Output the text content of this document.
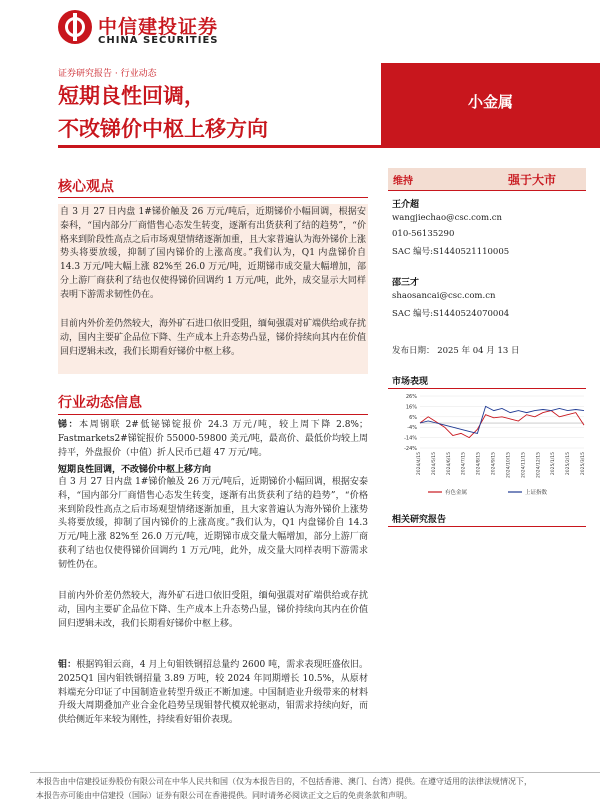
中信建投证券
CHINA SECURITIES
证券研究报告 · 行业动态
短期良性回调，
不改锑价中枢上移方向
小金属
核心观点
自 3 月 27 日内盘 1#锑价触及 26 万元/吨后，近期锑价小幅回调，根据安泰科，“国内部分厂商惜售心态发生转变，逐渐有出货获利了结的趋势”，“价格来到阶段性高点之后市场观望情绪逐渐加重，且大家普遍认为海外锑价上涨势头将要放缓，抑制了国内锑价的上涨高度。”我们认为，Q1 内盘锑价自 14.3 万元/吨大幅上涨 82%至 26.0 万元/吨，近期锑市成交量大幅增加，部分上游厂商获利了结也仅使得锑价回调约 1 万元/吨，此外，成交显示大同样表明下游需求韧性仍在。
目前内外价差仍然较大，海外矿石进口依旧受阻，缅甸强震对矿端供给或存扰动，国内主要矿企品位下降、生产成本上升态势凸显，锑价持续向其内在价值回归逻辑未改，我们长期看好锑价中枢上移。
行业动态信息
锑：本周钢联 2#低铋锑锭报价 24.3 万元/吨，较上周下降 2.8%；Fastmarkets2#锑锭报价 55000-59800 美元/吨，最高价、最低价均较上周持平，外盘报价（中值）折人民币已超 47 万元/吨。
短期良性回调，不改锑价中枢上移方向
自 3 月 27 日内盘 1#锑价触及 26 万元/吨后，近期锑价小幅回调，根据安泰科，“国内部分厂商惜售心态发生转变，逐渐有出货获利了结的趋势”，“价格来到阶段性高点之后市场观望情绪逐渐加重，且大家普遍认为海外锑价上涨势头将要放缓，抑制了国内锑价的上涨高度。”我们认为，Q1 内盘锑价自 14.3 万元/吨上涨 82%至 26.0 万元/吨，近期锑市成交量大幅增加，部分上游厂商获利了结也仅使得锑价回调约 1 万元/吨，此外，成交量大同样表明下游需求韧性仍在。
目前内外价差仍然较大，海外矿石进口依旧受阻，缅甸强震对矿端供给或存扰动，国内主要矿企品位下降、生产成本上升态势凸显，锑价持续向其内在价值回归逻辑未改，我们长期看好锑价中枢上移。
钼：根据钨钼云商，4 月上旬钼铁钢招总量约 2600 吨，需求表现旺盛依旧。2025Q1 国内钼铁钢招量 3.89 万吨，较 2024 年同期增长 10.5%，从原材料端充分印证了中国制造业转型升级正不断加速。中国制造业升级带来的材料升级大周期叠加产业合金化趋势呈现钼替代模双轮驱动，钼需求持续向好，而供给侧近年来较为刚性，持续看好钼价表现。
维持	强于大市
王介超
wangjiechao@csc.com.cn
010-56135290
SAC 编号:S1440521110005
邵三才
shaosancai@csc.com.cn
SAC 编号:S1440524070004
发布日期： 2025 年 04 月 13 日
市场表现
26%
16%
6%
-4%
-14%
-24%
2024/4/15 2024/5/15 2024/6/15 2024/7/15 2024/8/15 2024/9/15 2024/10/15 2024/11/15 2024/12/15 2025/1/15 2025/2/15 2025/3/15
有色金属	上证指数
相关研究报告
本报告由中信建投证券股份有限公司在中华人民共和国（仅为本报告目的，不包括香港、澳门、台湾）提供。在遵守适用的法律法规情况下，
本报告亦可能由中信建投（国际）证券有限公司在香港提供。同时请务必阅读正文之后的免责条款和声明。
